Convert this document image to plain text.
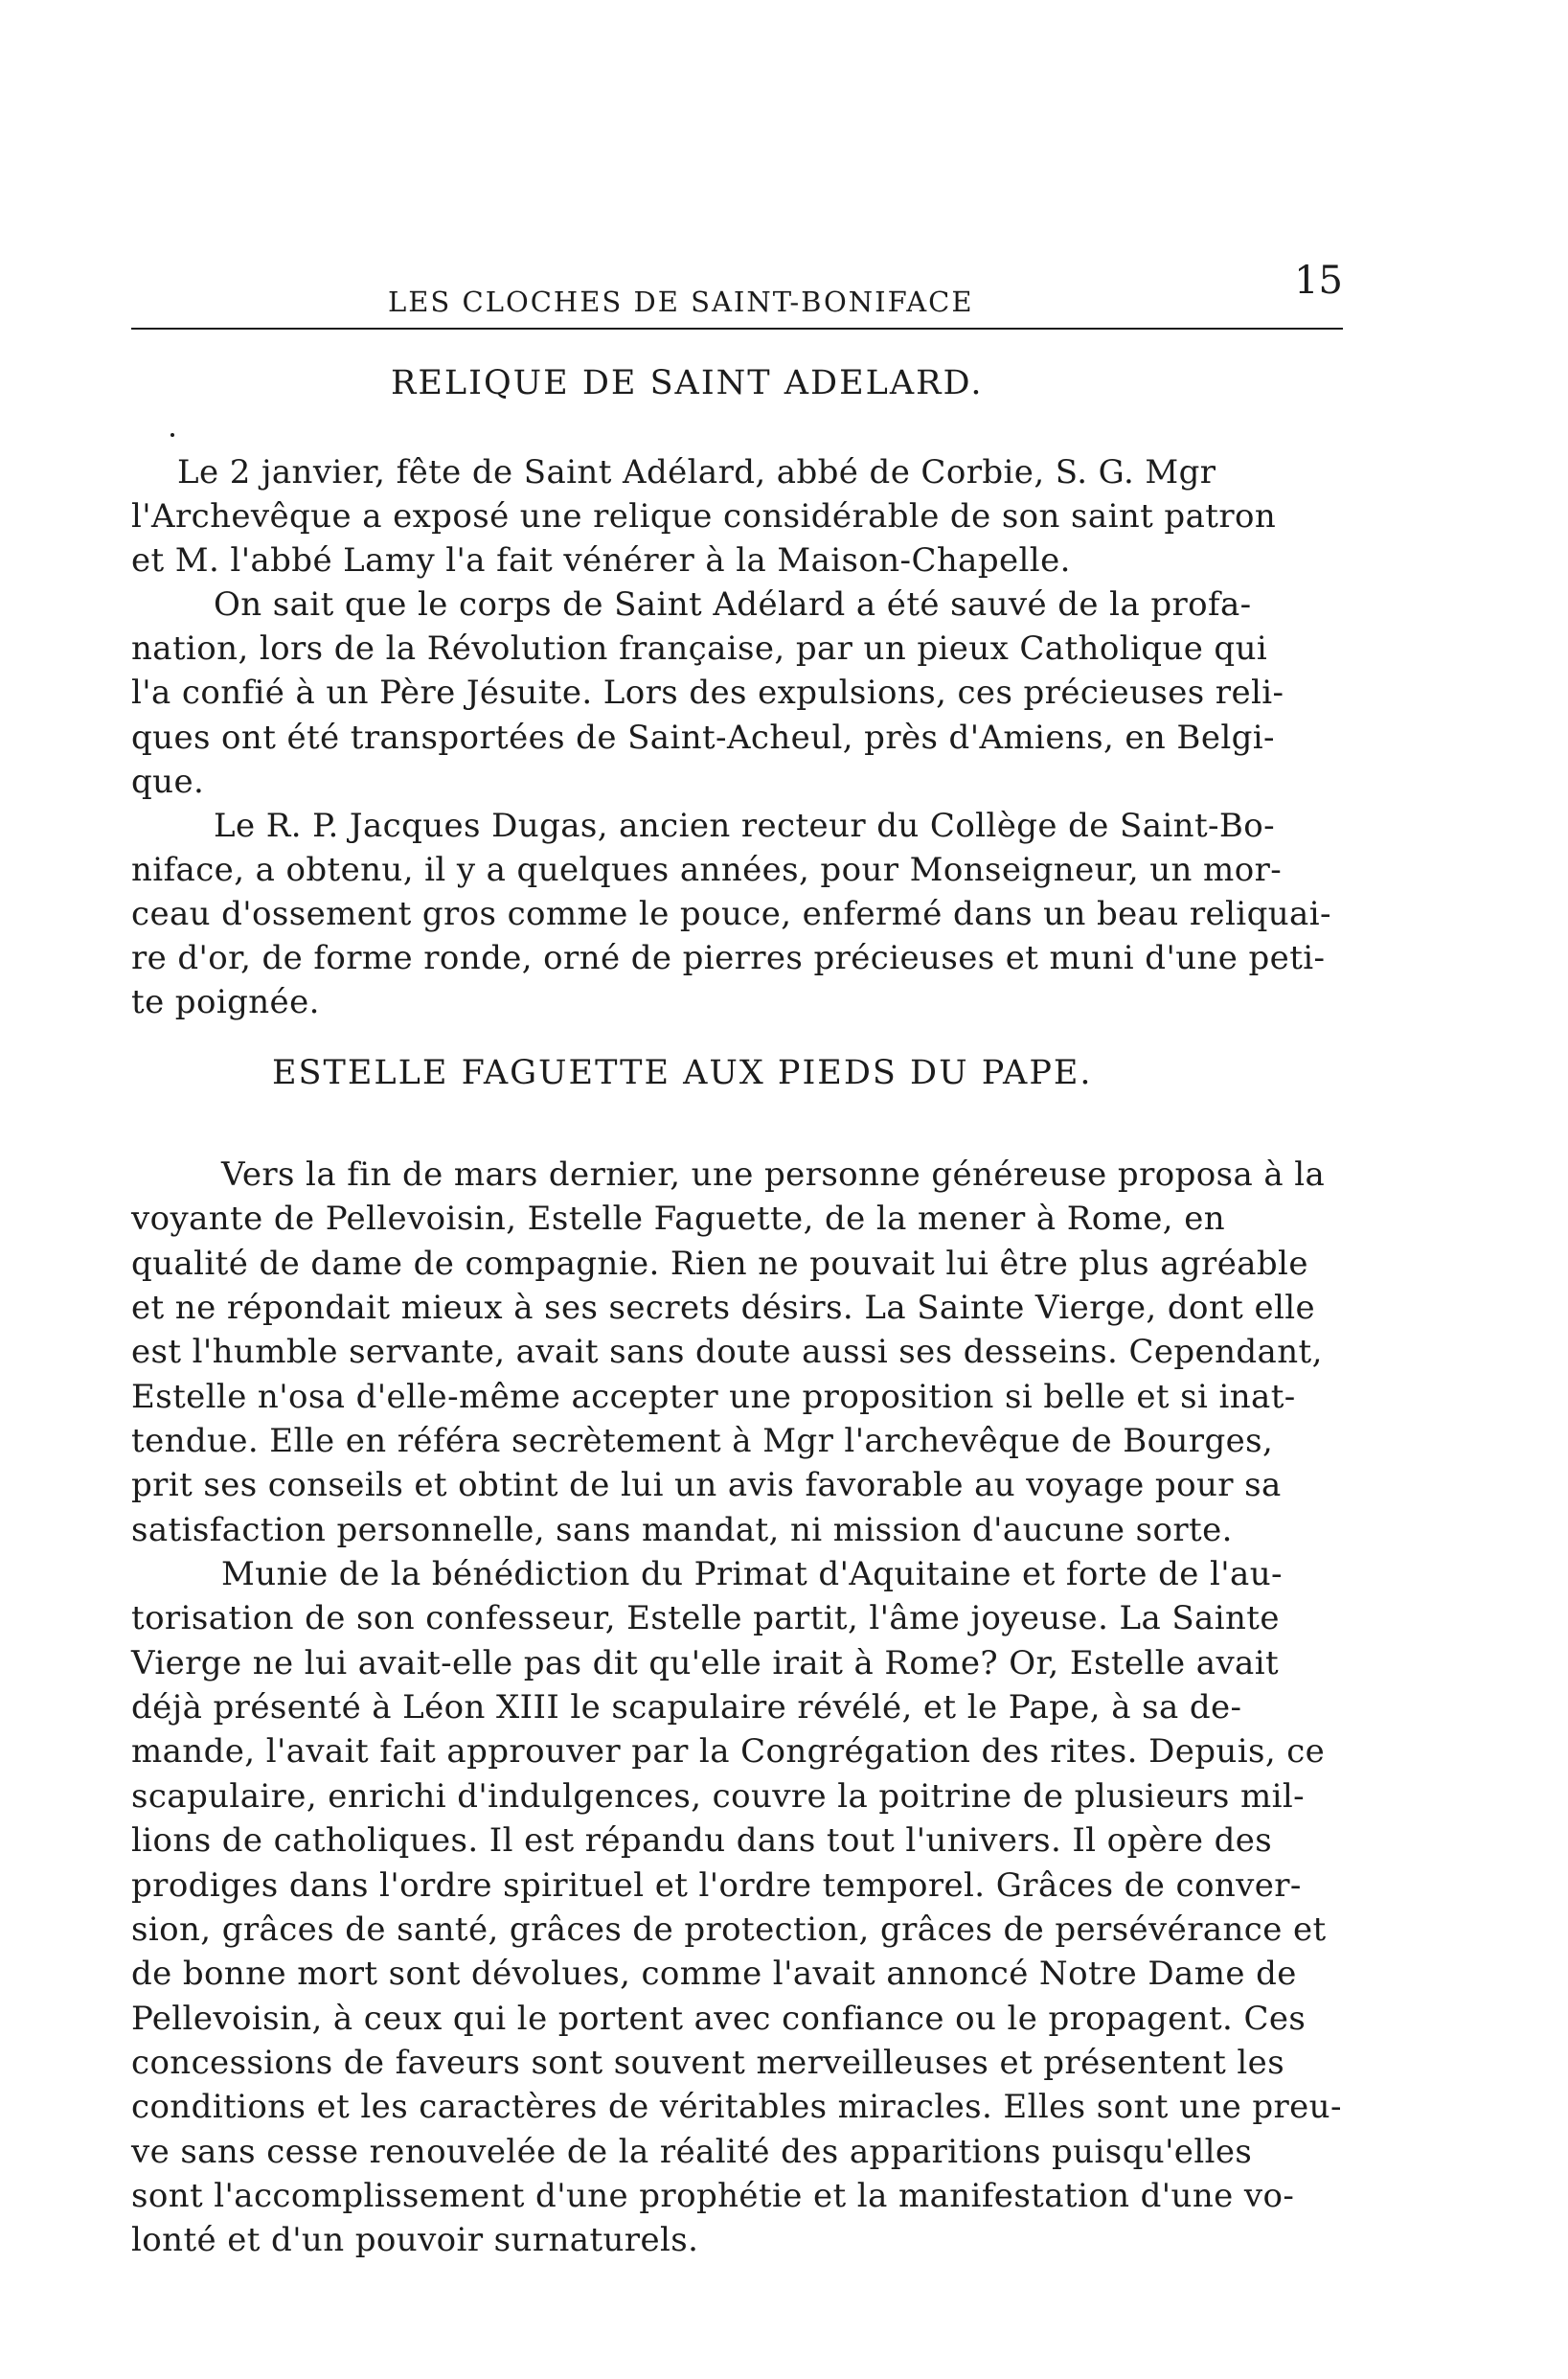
LES CLOCHES DE SAINT-BONIFACE	15
RELIQUE DE SAINT ADELARD.
Le 2 janvier, fête de Saint Adélard, abbé de Corbie, S. G. Mgr
l'Archevêque a exposé une relique considérable de son saint patron
et M. l'abbé Lamy l'a fait vénérer à la Maison-Chapelle.
On sait que le corps de Saint Adélard a été sauvé de la profa-
nation, lors de la Révolution française, par un pieux Catholique qui
l'a confié à un Père Jésuite. Lors des expulsions, ces précieuses reli-
ques ont été transportées de Saint-Acheul, près d'Amiens, en Belgi-
que.
Le R. P. Jacques Dugas, ancien recteur du Collège de Saint-Bo-
niface, a obtenu, il y a quelques années, pour Monseigneur, un mor-
ceau d'ossement gros comme le pouce, enfermé dans un beau reliquai-
re d'or, de forme ronde, orné de pierres précieuses et muni d'une peti-
te poignée.
ESTELLE FAGUETTE AUX PIEDS DU PAPE.
Vers la fin de mars dernier, une personne généreuse proposa à la
voyante de Pellevoisin, Estelle Faguette, de la mener à Rome, en
qualité de dame de compagnie. Rien ne pouvait lui être plus agréable
et ne répondait mieux à ses secrets désirs. La Sainte Vierge, dont elle
est l'humble servante, avait sans doute aussi ses desseins. Cependant,
Estelle n'osa d'elle-même accepter une proposition si belle et si inat-
tendue. Elle en référa secrètement à Mgr l'archevêque de Bourges,
prit ses conseils et obtint de lui un avis favorable au voyage pour sa
satisfaction personnelle, sans mandat, ni mission d'aucune sorte.
Munie de la bénédiction du Primat d'Aquitaine et forte de l'au-
torisation de son confesseur, Estelle partit, l'âme joyeuse. La Sainte
Vierge ne lui avait-elle pas dit qu'elle irait à Rome? Or, Estelle avait
déjà présenté à Léon XIII le scapulaire révélé, et le Pape, à sa de-
mande, l'avait fait approuver par la Congrégation des rites. Depuis, ce
scapulaire, enrichi d'indulgences, couvre la poitrine de plusieurs mil-
lions de catholiques. Il est répandu dans tout l'univers. Il opère des
prodiges dans l'ordre spirituel et l'ordre temporel. Grâces de conver-
sion, grâces de santé, grâces de protection, grâces de persévérance et
de bonne mort sont dévolues, comme l'avait annoncé Notre Dame de
Pellevoisin, à ceux qui le portent avec confiance ou le propagent. Ces
concessions de faveurs sont souvent merveilleuses et présentent les
conditions et les caractères de véritables miracles. Elles sont une preu-
ve sans cesse renouvelée de la réalité des apparitions puisqu'elles
sont l'accomplissement d'une prophétie et la manifestation d'une vo-
lonté et d'un pouvoir surnaturels.
